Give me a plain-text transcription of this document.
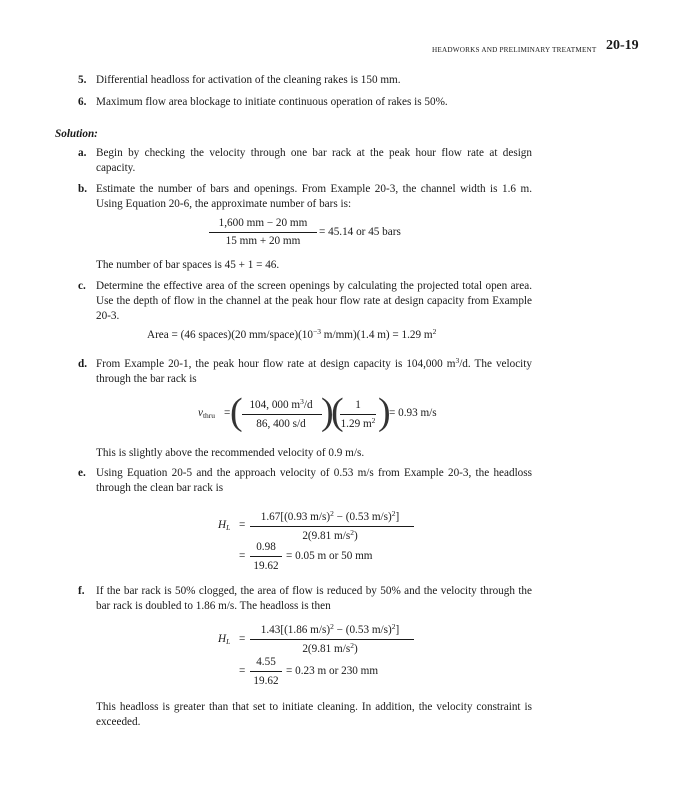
HEADWORKS AND PRELIMINARY TREATMENT 20-19
5. Differential headloss for activation of the cleaning rakes is 150 mm.
6. Maximum flow area blockage to initiate continuous operation of rakes is 50%.
Solution:
a. Begin by checking the velocity through one bar rack at the peak hour flow rate at design capacity.
b. Estimate the number of bars and openings. From Example 20-3, the channel width is 1.6 m. Using Equation 20-6, the approximate number of bars is:
1,600 mm − 20 mm
15 mm + 20 mm
= 45.14 or 45 bars
The number of bar spaces is 45 + 1 = 46.
c. Determine the effective area of the screen openings by calculating the projected total open area. Use the depth of flow in the channel at the peak hour flow rate at design capacity from Example 20-3.
Area = (46 spaces)(20 $mm/space)(10^{-3}$ m/mm)(1.4 m) = 1.29 $m^2$
d. From Example 20-1, the peak hour flow rate at design capacity is 104,000 $m^3/d$. The velocity through the bar rack is
$v_{thru}$ = ( 104, 000 $m^3/d$
86, 400 s/d )
(	1
1.29 $m^2$ )
= 0.93 m/s
This is slightly above the recommended velocity of 0.9 m/s.
e. Using Equation 20-5 and the approach velocity of 0.53 m/s from Example 20-3, the headloss through the clean bar rack is
$H_L$ =
1.67[(0.93 m/s)$^2$ − (0.53 m/s)$^2$]
2(9.81 $m/s^2$)
=
0.98
19.62
= 0.05 m or 50 mm
f. If the bar rack is 50% clogged, the area of flow is reduced by 50% and the velocity through the bar rack is doubled to 1.86 m/s. The headloss is then
$H_L$ =
1.43[(1.86 m/s)$^2$ − (0.53 m/s)$^2$]
2(9.81 $m/s^2$)
=
4.55
19.62
= 0.23 m or 230 mm
This headloss is greater than that set to initiate cleaning. In addition, the velocity constraint is exceeded.
